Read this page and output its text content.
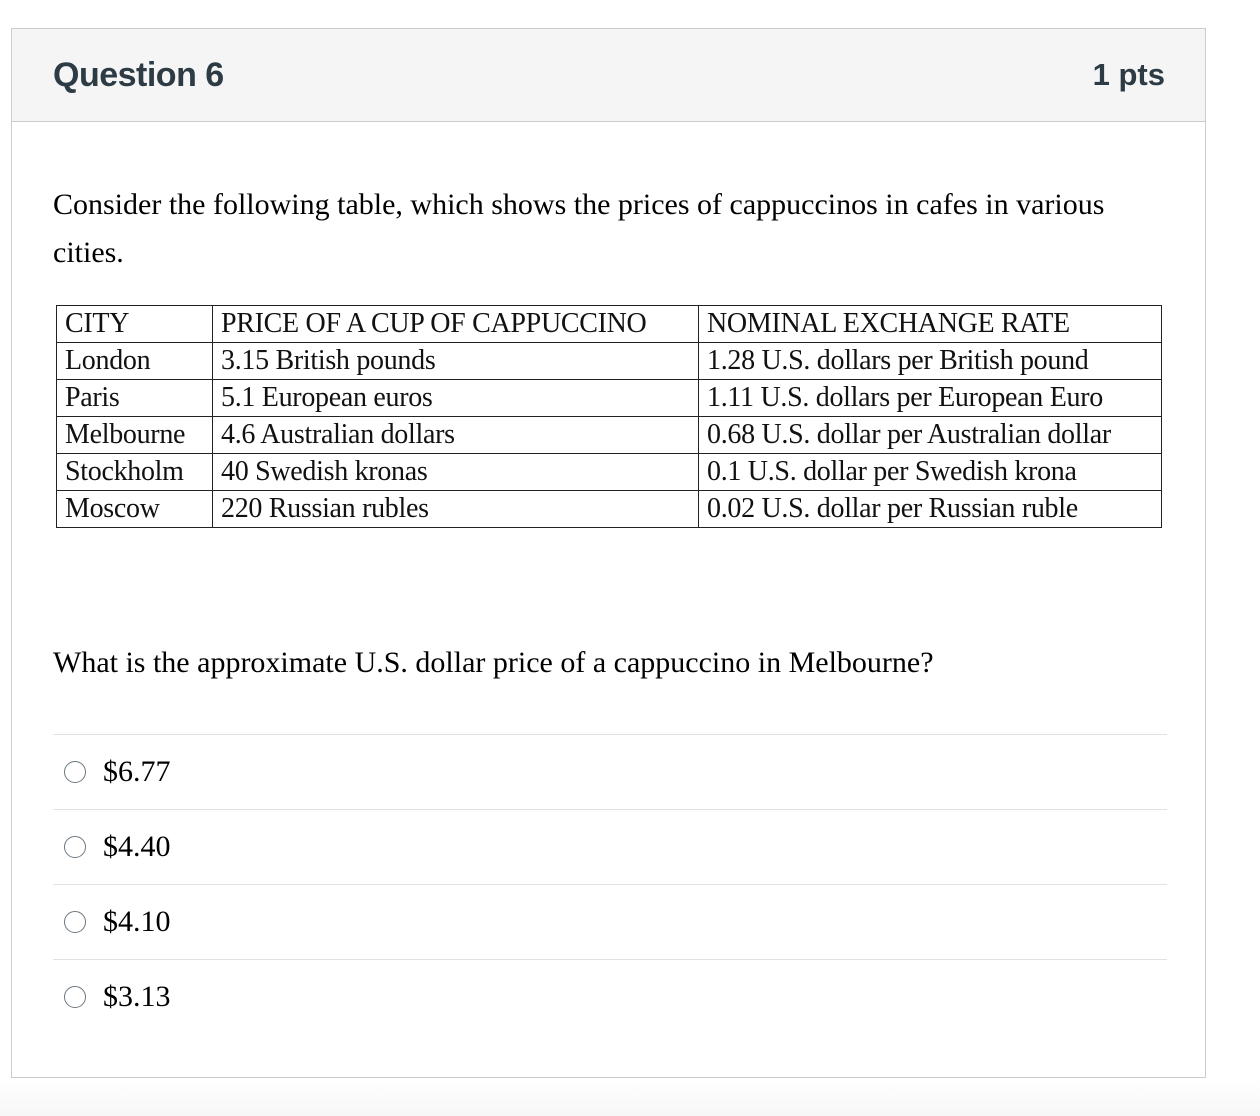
Question 6	1 pts

Consider the following table, which shows the prices of cappuccinos in cafes in various cities.

CITY	PRICE OF A CUP OF CAPPUCCINO	NOMINAL EXCHANGE RATE
London	3.15 British pounds	1.28 U.S. dollars per British pound
Paris	5.1 European euros	1.11 U.S. dollars per European Euro
Melbourne	4.6 Australian dollars	0.68 U.S. dollar per Australian dollar
Stockholm	40 Swedish kronas	0.1 U.S. dollar per Swedish krona
Moscow	220 Russian rubles	0.02 U.S. dollar per Russian ruble

What is the approximate U.S. dollar price of a cappuccino in Melbourne?

$6.77
$4.40
$4.10
$3.13
